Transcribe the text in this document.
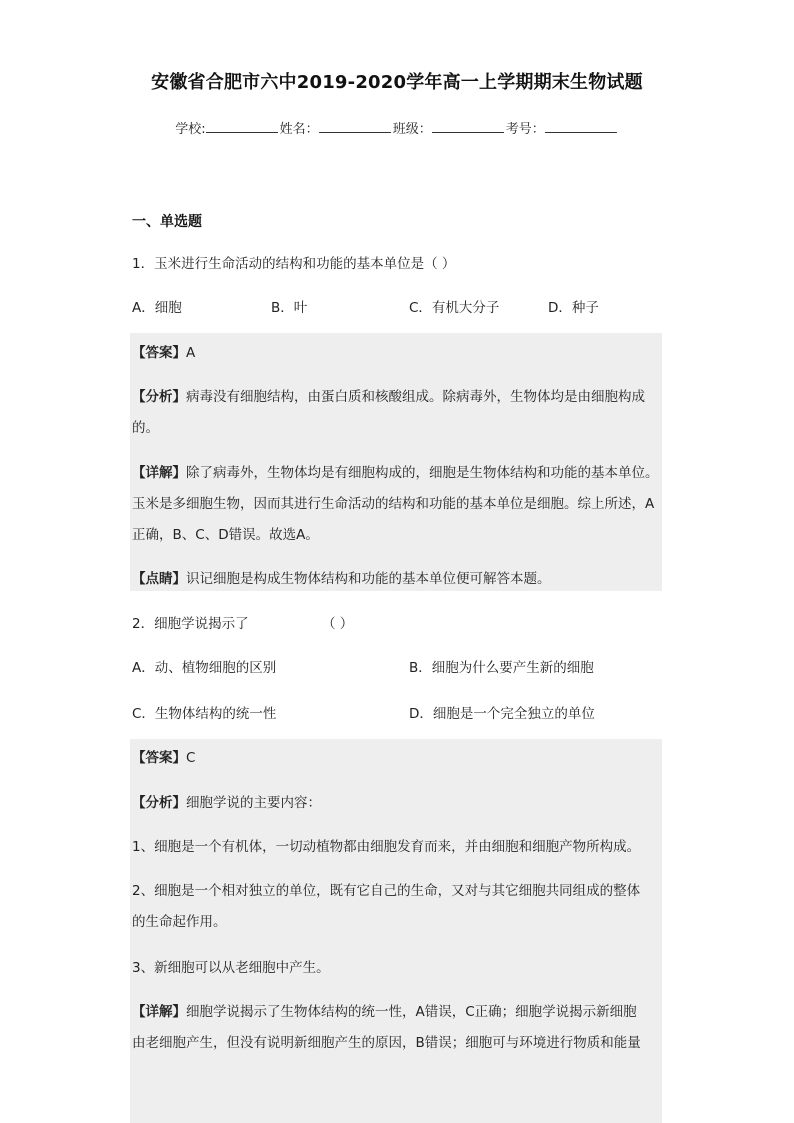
安徽省合肥市六中2019-2020学年高一上学期期末生物试题
学校:	姓名：	班级：	考号：
一、单选题
1．玉米进行生命活动的结构和功能的基本单位是（ ）
A．细胞	B．叶	C．有机大分子	D．种子
【答案】A
【分析】病毒没有细胞结构，由蛋白质和核酸组成。除病毒外，生物体均是由细胞构成
的。
【详解】除了病毒外，生物体均是有细胞构成的，细胞是生物体结构和功能的基本单位。
玉米是多细胞生物，因而其进行生命活动的结构和功能的基本单位是细胞。综上所述，A
正确，B、C、D错误。故选A。
【点睛】识记细胞是构成生物体结构和功能的基本单位便可解答本题。
2．细胞学说揭示了	（ ）
A．动、植物细胞的区别	B．细胞为什么要产生新的细胞
C．生物体结构的统一性	D．细胞是一个完全独立的单位
【答案】C
【分析】细胞学说的主要内容：
1、细胞是一个有机体，一切动植物都由细胞发育而来，并由细胞和细胞产物所构成。
2、细胞是一个相对独立的单位，既有它自己的生命，又对与其它细胞共同组成的整体
的生命起作用。
3、新细胞可以从老细胞中产生。
【详解】细胞学说揭示了生物体结构的统一性，A错误，C正确；细胞学说揭示新细胞
由老细胞产生，但没有说明新细胞产生的原因，B错误；细胞可与环境进行物质和能量
